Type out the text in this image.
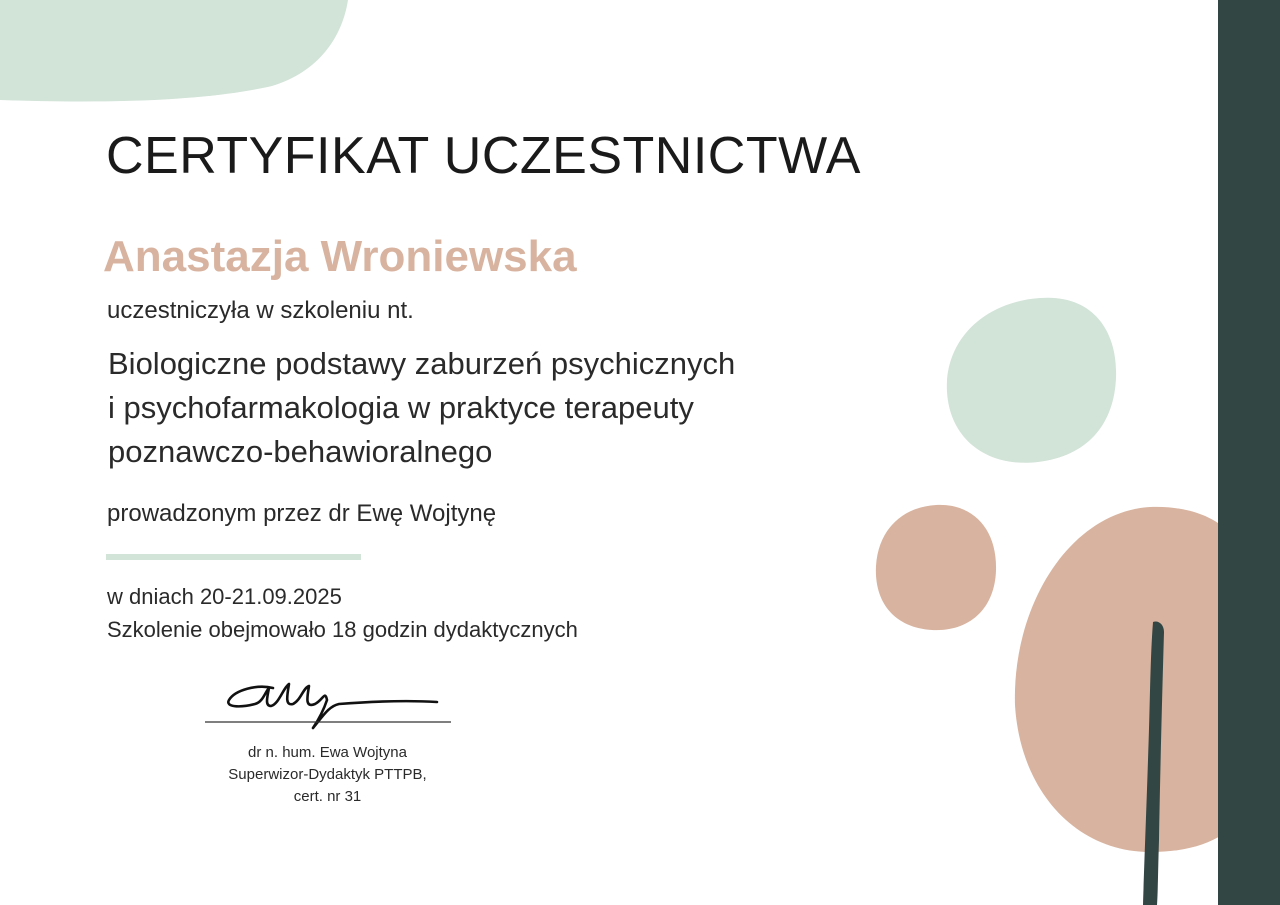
CERTYFIKAT UCZESTNICTWA
Anastazja Wroniewska
uczestniczyła w szkoleniu nt.
Biologiczne podstawy zaburzeń psychicznych
i psychofarmakologia w praktyce terapeuty
poznawczo-behawioralnego
prowadzonym przez dr Ewę Wojtynę
w dniach 20-21.09.2025
Szkolenie obejmowało 18 godzin dydaktycznych
dr n. hum. Ewa Wojtyna
Superwizor-Dydaktyk PTTPB,
cert. nr 31
